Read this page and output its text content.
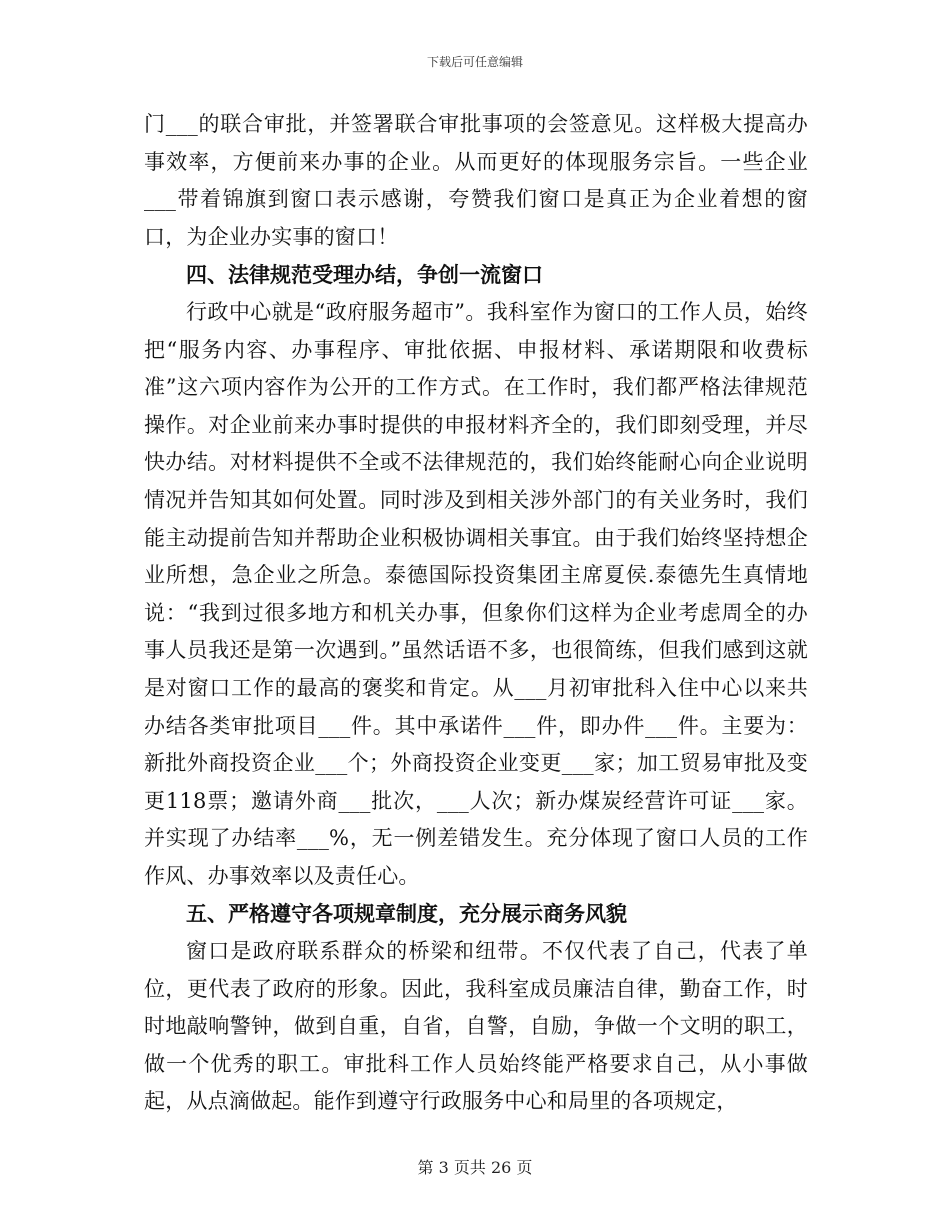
下载后可任意编辑

门___的联合审批，并签署联合审批事项的会签意见。这样极大提高办事效率，方便前来办事的企业。从而更好的体现服务宗旨。一些企业___带着锦旗到窗口表示感谢，夸赞我们窗口是真正为企业着想的窗口，为企业办实事的窗口！

四、法律规范受理办结，争创一流窗口

行政中心就是“政府服务超市”。我科室作为窗口的工作人员，始终把“服务内容、办事程序、审批依据、申报材料、承诺期限和收费标准”这六项内容作为公开的工作方式。在工作时，我们都严格法律规范操作。对企业前来办事时提供的申报材料齐全的，我们即刻受理，并尽快办结。对材料提供不全或不法律规范的，我们始终能耐心向企业说明情况并告知其如何处置。同时涉及到相关涉外部门的有关业务时，我们能主动提前告知并帮助企业积极协调相关事宜。由于我们始终坚持想企业所想，急企业之所急。泰德国际投资集团主席夏侯.泰德先生真情地说：“我到过很多地方和机关办事，但象你们这样为企业考虑周全的办事人员我还是第一次遇到。”虽然话语不多，也很简练，但我们感到这就是对窗口工作的最高的褒奖和肯定。从___月初审批科入住中心以来共办结各类审批项目___件。其中承诺件___件，即办件___件。主要为：新批外商投资企业___个；外商投资企业变更___家；加工贸易审批及变更118票；邀请外商___批次，___人次；新办煤炭经营许可证___家。并实现了办结率___%，无一例差错发生。充分体现了窗口人员的工作作风、办事效率以及责任心。

五、严格遵守各项规章制度，充分展示商务风貌

窗口是政府联系群众的桥梁和纽带。不仅代表了自己，代表了单位，更代表了政府的形象。因此，我科室成员廉洁自律，勤奋工作，时时地敲响警钟，做到自重，自省，自警，自励，争做一个文明的职工，做一个优秀的职工。审批科工作人员始终能严格要求自己，从小事做起，从点滴做起。能作到遵守行政服务中心和局里的各项规定，

第 3 页共 26 页
